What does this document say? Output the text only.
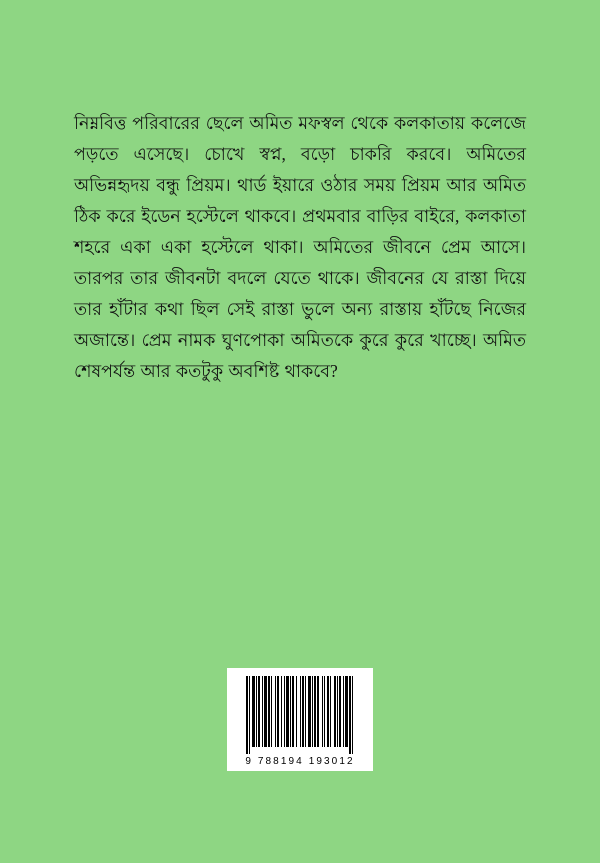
নিম্নবিত্ত পরিবারের ছেলে অমিত মফস্বল থেকে কলকাতায় কলেজে পড়তে এসেছে। চোখে স্বপ্ন, বড়ো চাকরি করবে। অমিতের অভিন্নহৃদয় বন্ধু প্রিয়ম। থার্ড ইয়ারে ওঠার সময় প্রিয়ম আর অমিত ঠিক করে ইডেন হস্টেলে থাকবে। প্রথমবার বাড়ির বাইরে, কলকাতা শহরে একা একা হস্টেলে থাকা। অমিতের জীবনে প্রেম আসে। তারপর তার জীবনটা বদলে যেতে থাকে। জীবনের যে রাস্তা দিয়ে তার হাঁটার কথা ছিল সেই রাস্তা ভুলে অন্য রাস্তায় হাঁটছে নিজের অজান্তে। প্রেম নামক ঘুণপোকা অমিতকে কুরে কুরে খাচ্ছে। অমিত শেষপর্যন্ত আর কতটুকু অবশিষ্ট থাকবে?
9 788194 193012
